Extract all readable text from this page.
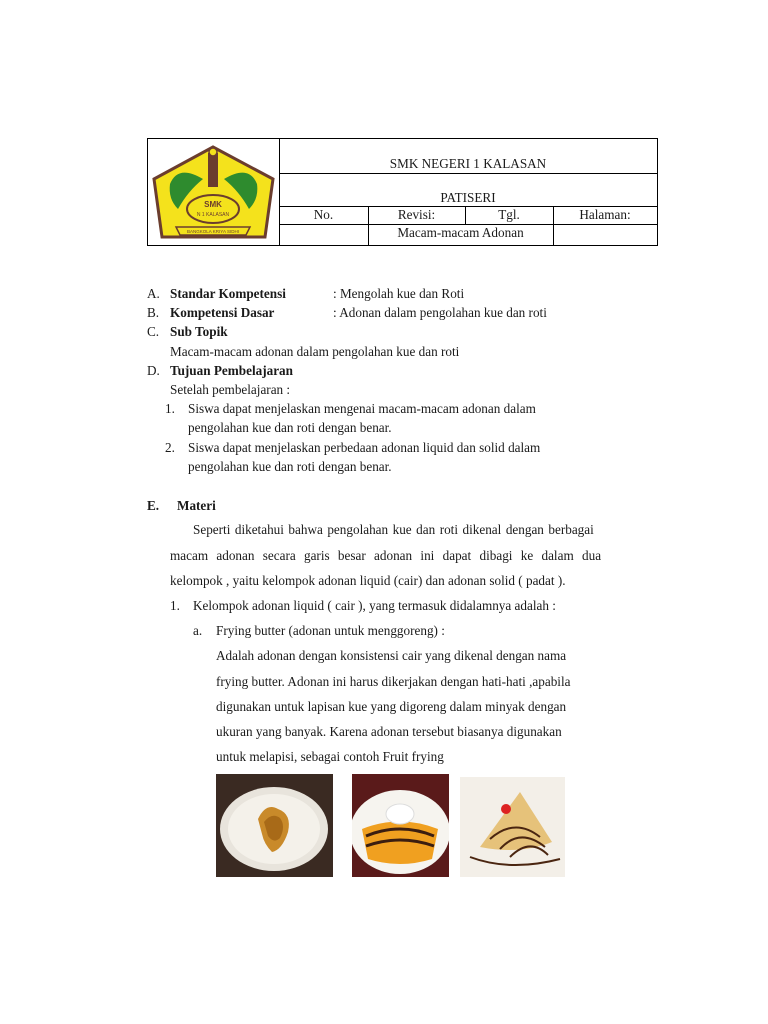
SMK
N 1 KALASAN
BANGKOLA KRIYA SIDHI
SMK NEGERI 1 KALASAN
PATISERI
No.	Revisi:	Tgl.	Halaman:
Macam-macam Adonan
A. Standar Kompetensi	: Mengolah kue dan Roti
B. Kompetensi Dasar	: Adonan dalam pengolahan kue dan roti
C. Sub Topik
Macam-macam adonan dalam pengolahan kue dan roti
D. Tujuan Pembelajaran
Setelah pembelajaran :
1. Siswa dapat menjelaskan mengenai macam-macam adonan dalam
pengolahan kue dan roti dengan benar.
2. Siswa dapat menjelaskan perbedaan adonan liquid dan solid dalam
pengolahan kue dan roti dengan benar.
E. Materi
Seperti diketahui bahwa pengolahan kue dan roti dikenal dengan berbagai
macam adonan secara garis besar adonan ini dapat dibagi ke dalam dua
kelompok , yaitu kelompok adonan liquid (cair) dan adonan solid ( padat ).
1. Kelompok adonan liquid ( cair ), yang termasuk didalamnya adalah :
a. Frying butter (adonan untuk menggoreng) :
Adalah adonan dengan konsistensi cair yang dikenal dengan nama
frying butter. Adonan ini harus dikerjakan dengan hati-hati ,apabila
digunakan untuk lapisan kue yang digoreng dalam minyak dengan
ukuran yang banyak. Karena adonan tersebut biasanya digunakan
untuk melapisi, sebagai contoh Fruit frying
